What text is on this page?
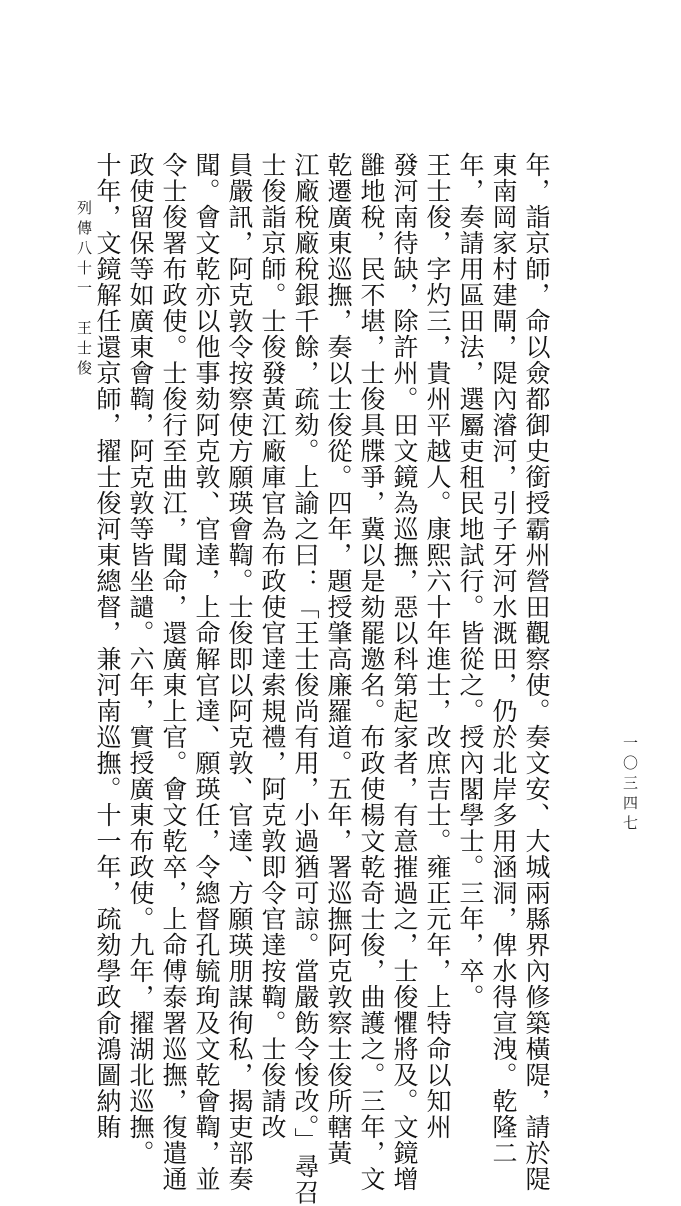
年，詣京師，命以僉都御史銜授霸州營田觀察使。奏文安、大城兩縣界內修築橫隄，請於隄
東南岡家村建閘，隄內濬河，引子牙河水溉田，仍於北岸多用涵洞，俾水得宣洩。乾隆二
年，奏請用區田法，選屬吏租民地試行。皆從之。授內閣學士。三年，卒。
王士俊，字灼三，貴州平越人。康熙六十年進士，改庶吉士。雍正元年，上特命以知州
發河南待缺，除許州。田文鏡為巡撫，惡以科第起家者，有意摧過之，士俊懼將及。文鏡增
雝地稅，民不堪，士俊具牒爭，冀以是劾罷邀名。布政使楊文乾奇士俊，曲護之。三年，文
乾遷廣東巡撫，奏以士俊從。四年，題授肇高廉羅道。五年，署巡撫阿克敦察士俊所轄黃
江廠稅廠稅銀千餘，疏劾。上諭之曰：「王士俊尚有用，小過猶可諒。當嚴飭令悛改。」尋召
士俊詣京師。士俊發黃江廠庫官為布政使官達索規禮，阿克敦即令官達按鞫。士俊請改
員嚴訊，阿克敦令按察使方願瑛會鞫。士俊即以阿克敦、官達、方願瑛朋謀徇私，揭吏部奏
聞。會文乾亦以他事劾阿克敦、官達，上命解官達、願瑛任，令總督孔毓珣及文乾會鞫，並
令士俊署布政使。士俊行至曲江，聞命，還廣東上官。會文乾卒，上命傅泰署巡撫，復遣通
政使留保等如廣東會鞫，阿克敦等皆坐譴。六年，實授廣東布政使。九年，擢湖北巡撫。
十年，文鏡解任還京師，擢士俊河東總督，兼河南巡撫。十一年，疏劾學政俞鴻圖納賄
列傳八十一　王士俊
一〇三四七
